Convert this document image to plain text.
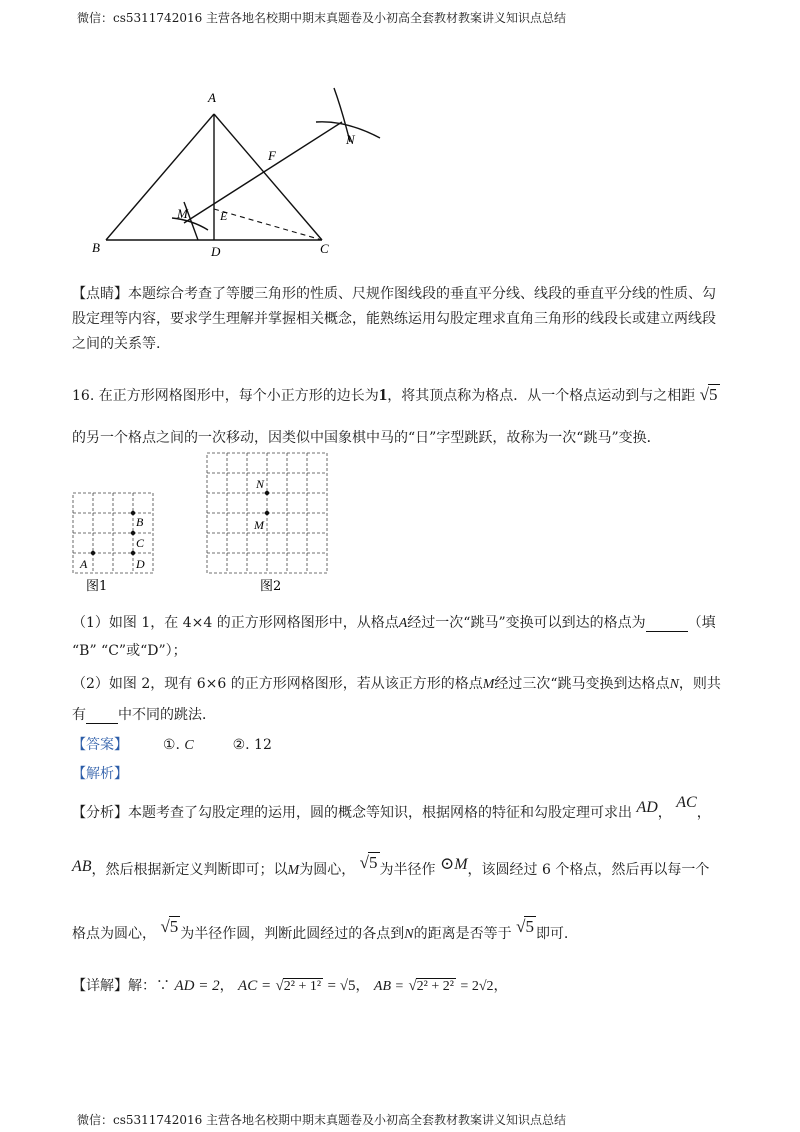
微信：cs5311742016 主营各地名校期中期末真题卷及小初高全套教材教案讲义知识点总结
A
B	C
D
E
F
M
N
【点睛】本题综合考查了等腰三角形的性质、尺规作图线段的垂直平分线、线段的垂直平分线的性质、勾
股定理等内容，要求学生理解并掌握相关概念，能熟练运用勾股定理求直角三角形的线段长或建立两线段
之间的关系等.
16. 在正方形网格图形中，每个小正方形的边长为1，将其顶点称为格点．从一个格点运动到与之相距 √5
的另一个格点之间的一次移动，因类似中国象棋中马的“日”字型跳跃，故称为一次“跳马”变换．
A
B
C
D
图1
N
M
图2
（1）如图 1，在 4×4 的正方形网格图形中，从格点A经过一次“跳马”变换可以到达的格点为	（填
“B” “C”或“D”）；
（2）如图 2，现有 6×6 的正方形网格图形，若从该正方形的格点M经过三次“跳马变换到达格点N，则共
有 中不同的跳法．
【答案】 ①. C	②. 12
【解析】
【分析】本题考查了勾股定理的运用，圆的概念等知识，根据网格的特征和勾股定理可求出 AD， AC，
AB，然后根据新定义判断即可；以M为圆心， √5 为半径作 ⊙M，该圆经过 6 个格点，然后再以每一个
格点为圆心， √5 为半径作圆，判断此圆经过的各点到N的距离是否等于 √5 即可.
【详解】解：∵ AD = 2， AC = √2² + 1² = √5， AB = √2² + 2² = 2√2，
微信：cs5311742016 主营各地名校期中期末真题卷及小初高全套教材教案讲义知识点总结
